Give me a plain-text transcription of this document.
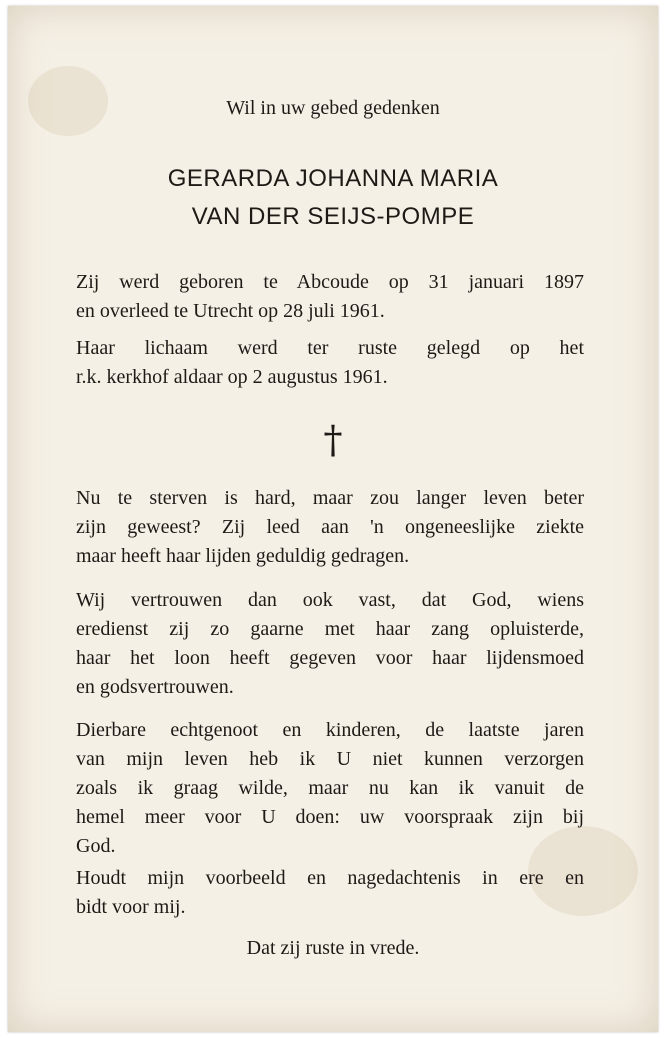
Wil in uw gebed gedenken
GERARDA JOHANNA MARIA
VAN DER SEIJS-POMPE
Zij werd geboren te Abcoude op 31 januari 1897
en overleed te Utrecht op 28 juli 1961.
Haar lichaam werd ter ruste gelegd op het
r.k. kerkhof aldaar op 2 augustus 1961.
†
Nu te sterven is hard, maar zou langer leven beter
zijn geweest? Zij leed aan 'n ongeneeslijke ziekte
maar heeft haar lijden geduldig gedragen.
Wij vertrouwen dan ook vast, dat God, wiens
eredienst zij zo gaarne met haar zang opluisterde,
haar het loon heeft gegeven voor haar lijdensmoed
en godsvertrouwen.
Dierbare echtgenoot en kinderen, de laatste jaren
van mijn leven heb ik U niet kunnen verzorgen
zoals ik graag wilde, maar nu kan ik vanuit de
hemel meer voor U doen: uw voorspraak zijn bij
God.
Houdt mijn voorbeeld en nagedachtenis in ere en
bidt voor mij.
Dat zij ruste in vrede.
